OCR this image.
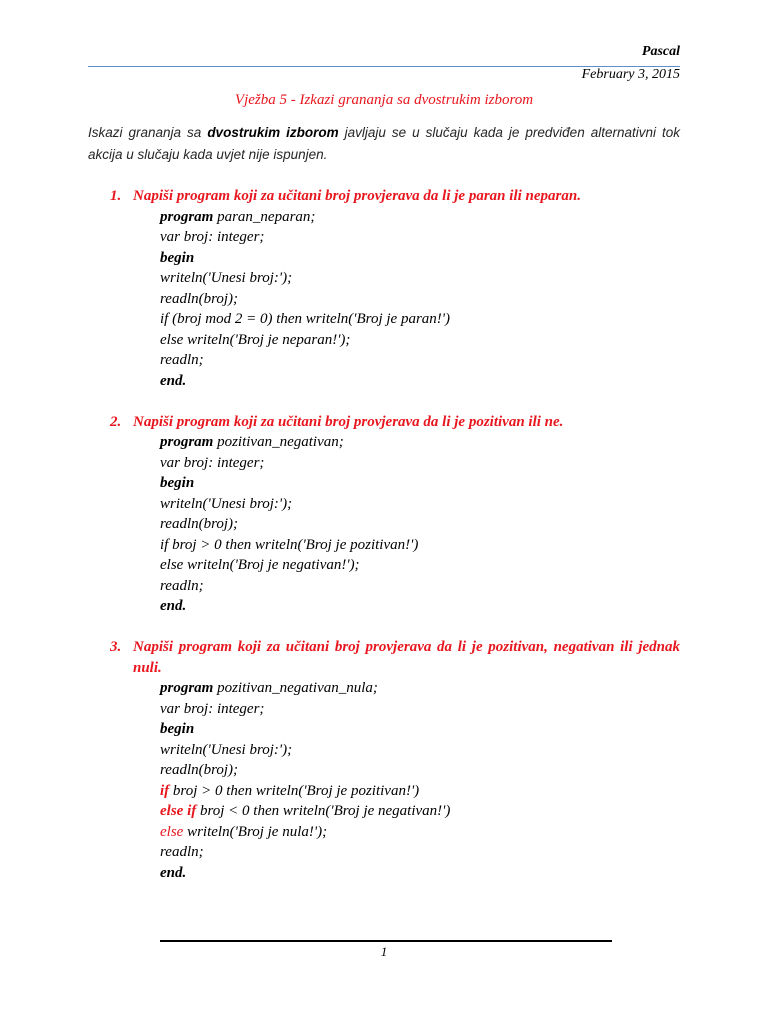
Pascal
February 3, 2015
Vježba 5 - Izkazi grananja sa dvostrukim izborom
Iskazi grananja sa dvostrukim izborom javljaju se u slučaju kada je predviđen alternativni tok
akcija u slučaju kada uvjet nije ispunjen.
1. Napiši program koji za učitani broj provjerava da li je paran ili neparan.
program paran_neparan;
var broj: integer;
begin
writeln('Unesi broj:');
readln(broj);
if (broj mod 2 = 0) then writeln('Broj je paran!')
else writeln('Broj je neparan!');
readln;
end.
2. Napiši program koji za učitani broj provjerava da li je pozitivan ili ne.
program pozitivan_negativan;
var broj: integer;
begin
writeln('Unesi broj:');
readln(broj);
if broj > 0 then writeln('Broj je pozitivan!')
else writeln('Broj je negativan!');
readln;
end.
3. Napiši program koji za učitani broj provjerava da li je pozitivan, negativan ili jednak
nuli.
program pozitivan_negativan_nula;
var broj: integer;
begin
writeln('Unesi broj:');
readln(broj);
if broj > 0 then writeln('Broj je pozitivan!')
else if broj < 0 then writeln('Broj je negativan!')
else writeln('Broj je nula!');
readln;
end.
1
